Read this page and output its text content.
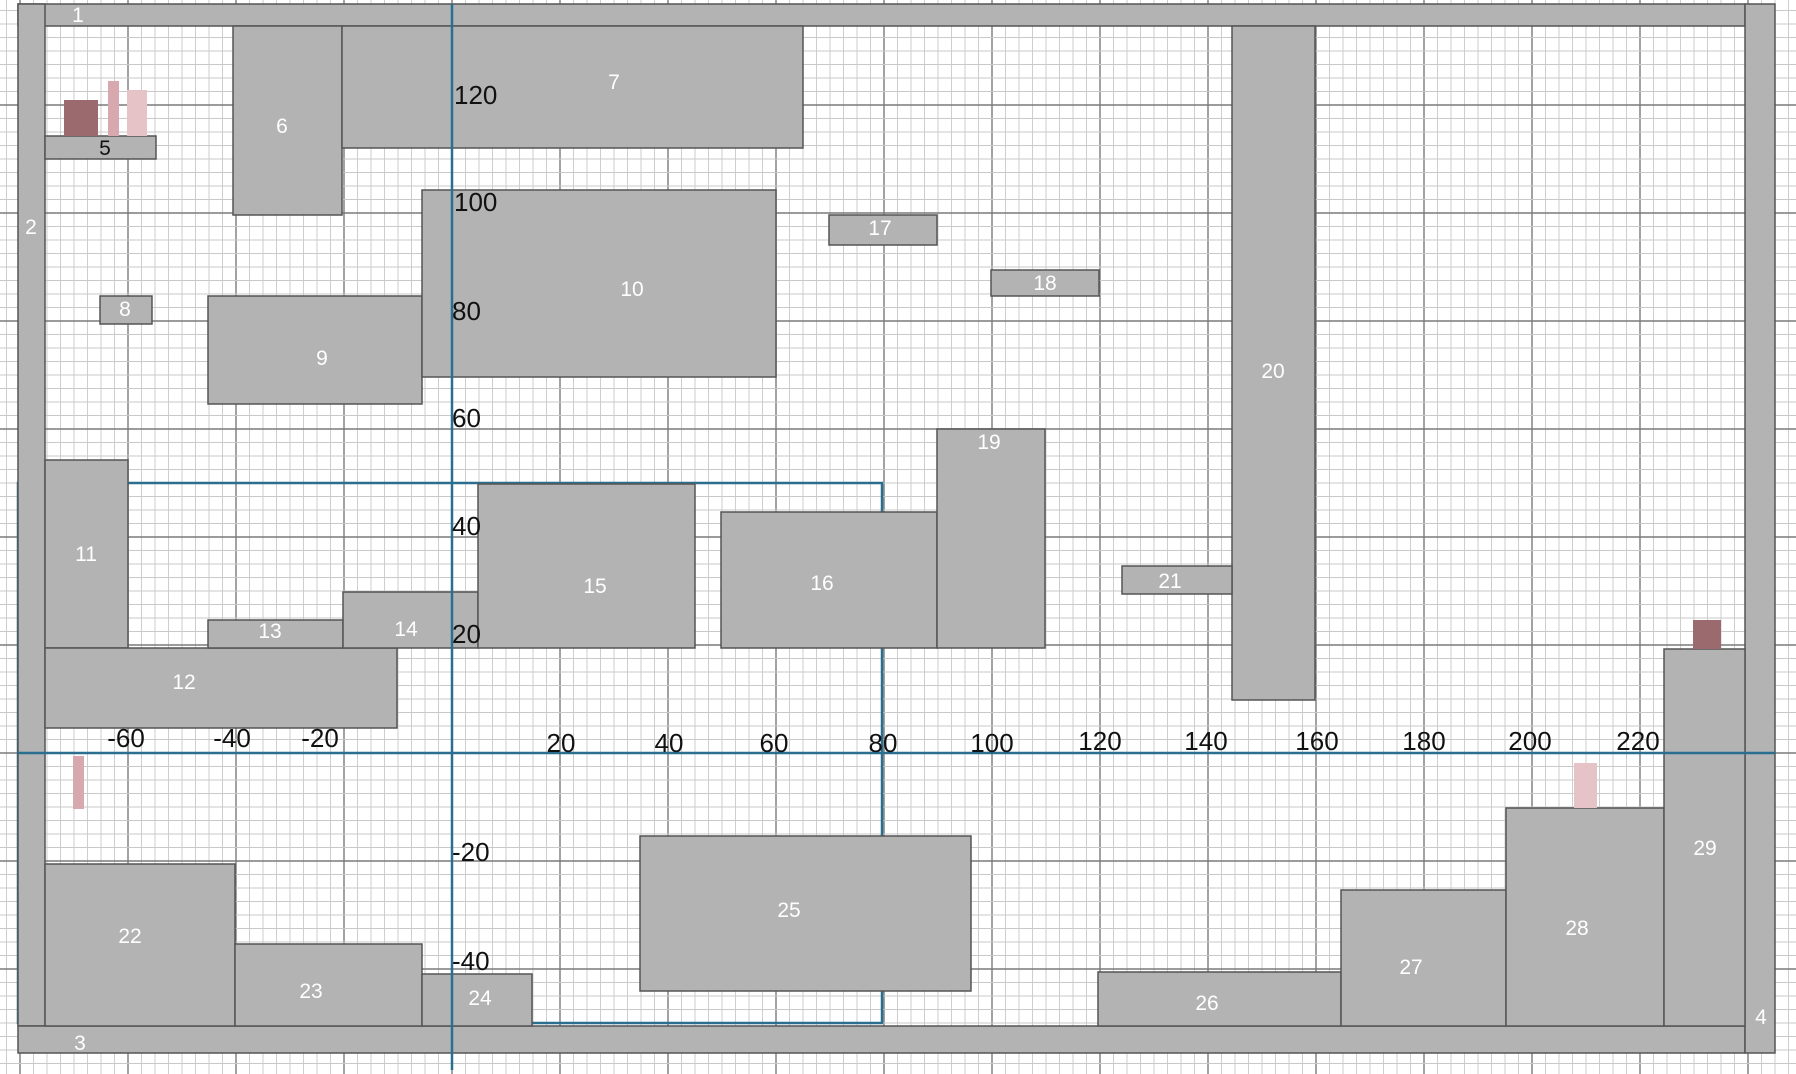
-60	-40 -20	20	40	60	80	100 120 140	160 180 200 220
120
100
80
60
40
20
-20
-40
1
2
3
4
5
6
7
8
9
10
11
12
13	14
15	16
17
18
19
20
21
22
23	24
25
26
27
28
29
